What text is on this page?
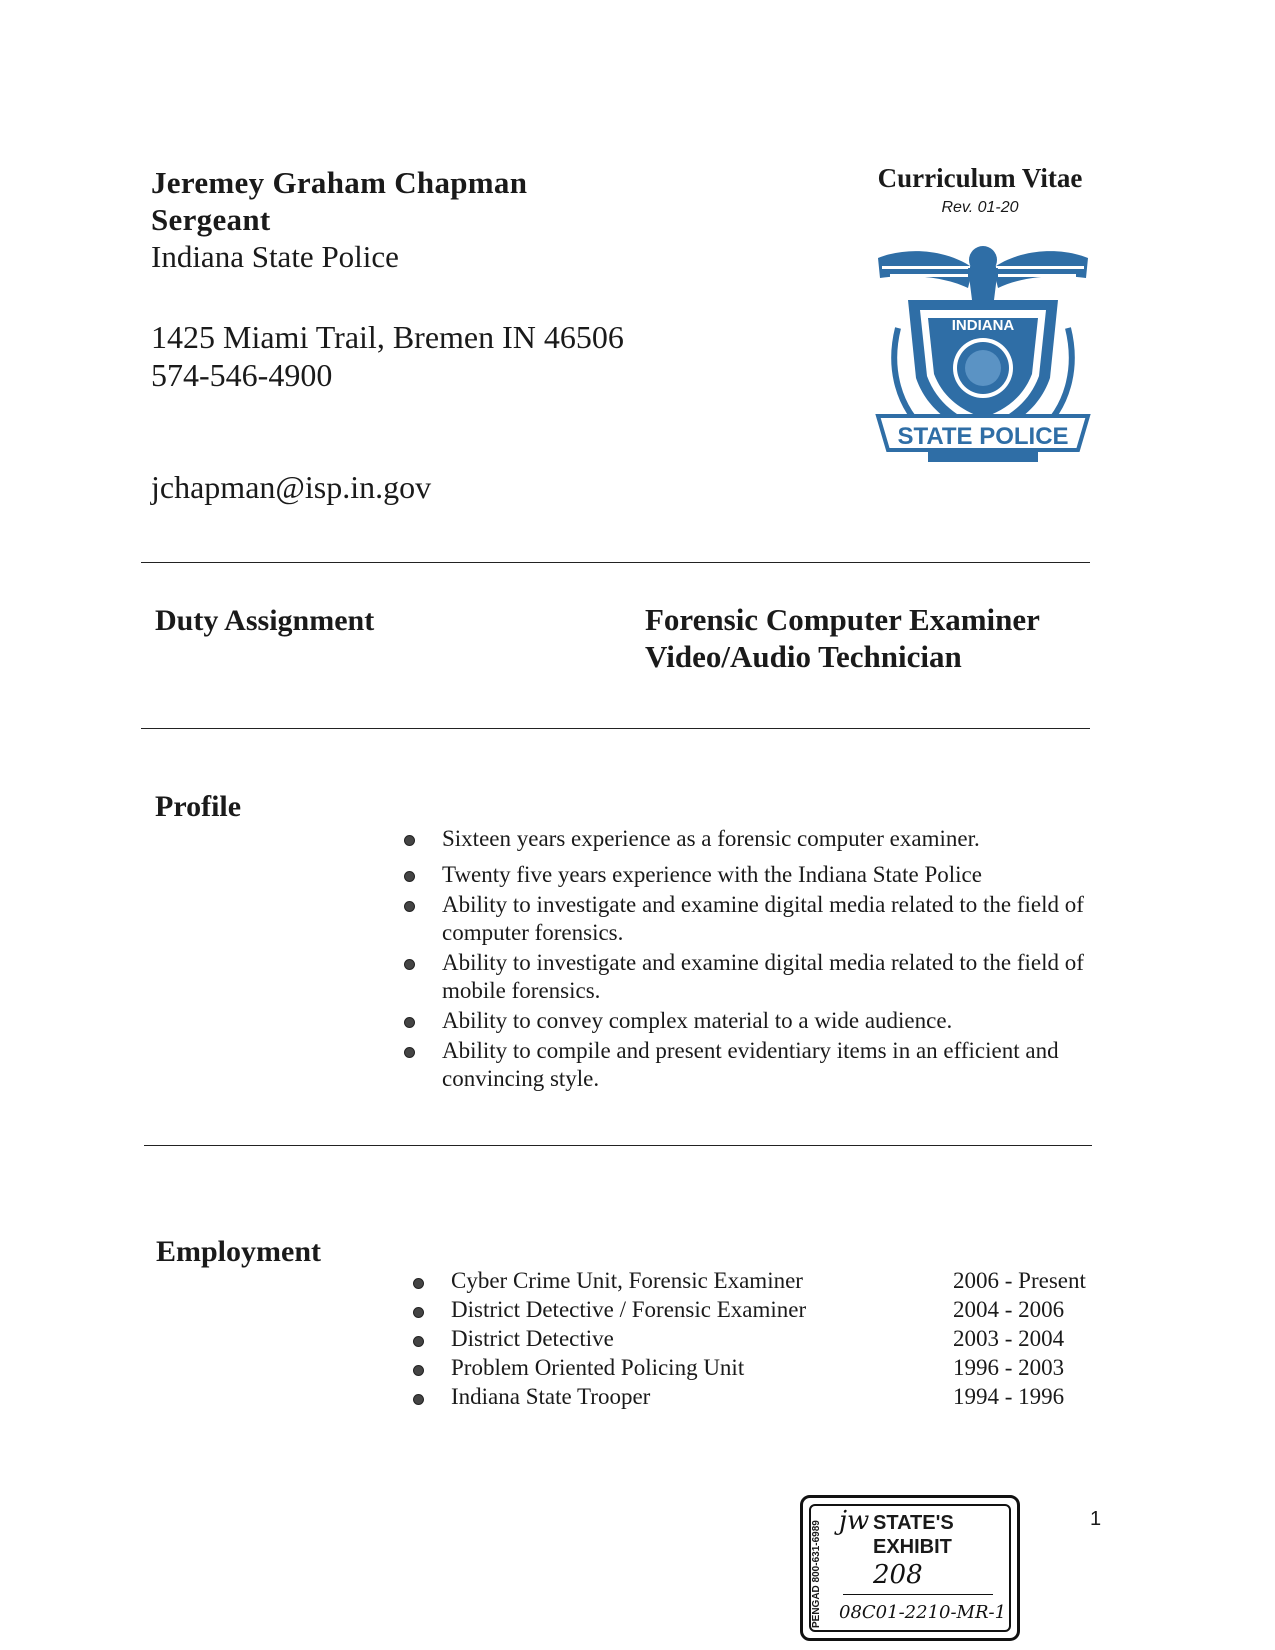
Jeremey Graham Chapman
Sergeant
Indiana State Police
1425 Miami Trail, Bremen IN 46506
574-546-4900
jchapman@isp.in.gov
Curriculum Vitae
Rev. 01-20
STATE POLICE
INDIANA
Duty Assignment	Forensic Computer Examiner
Video/Audio Technician
Profile
Sixteen years experience as a forensic computer examiner.
Twenty five years experience with the Indiana State Police
Ability to investigate and examine digital media related to the field of computer forensics.
Ability to investigate and examine digital media related to the field of mobile forensics.
Ability to convey complex material to a wide audience.
Ability to compile and present evidentiary items in an efficient and convincing style.
Employment
Cyber Crime Unit, Forensic Examiner	2006 - Present
District Detective / Forensic Examiner	2004 - 2006
District Detective	2003 - 2004
Problem Oriented Policing Unit	1996 - 2003
Indiana State Trooper	1994 - 1996
PENGAD 800-631-6989 jw STATE'S
EXHIBIT
208
08C01-2210-MR-1
1
